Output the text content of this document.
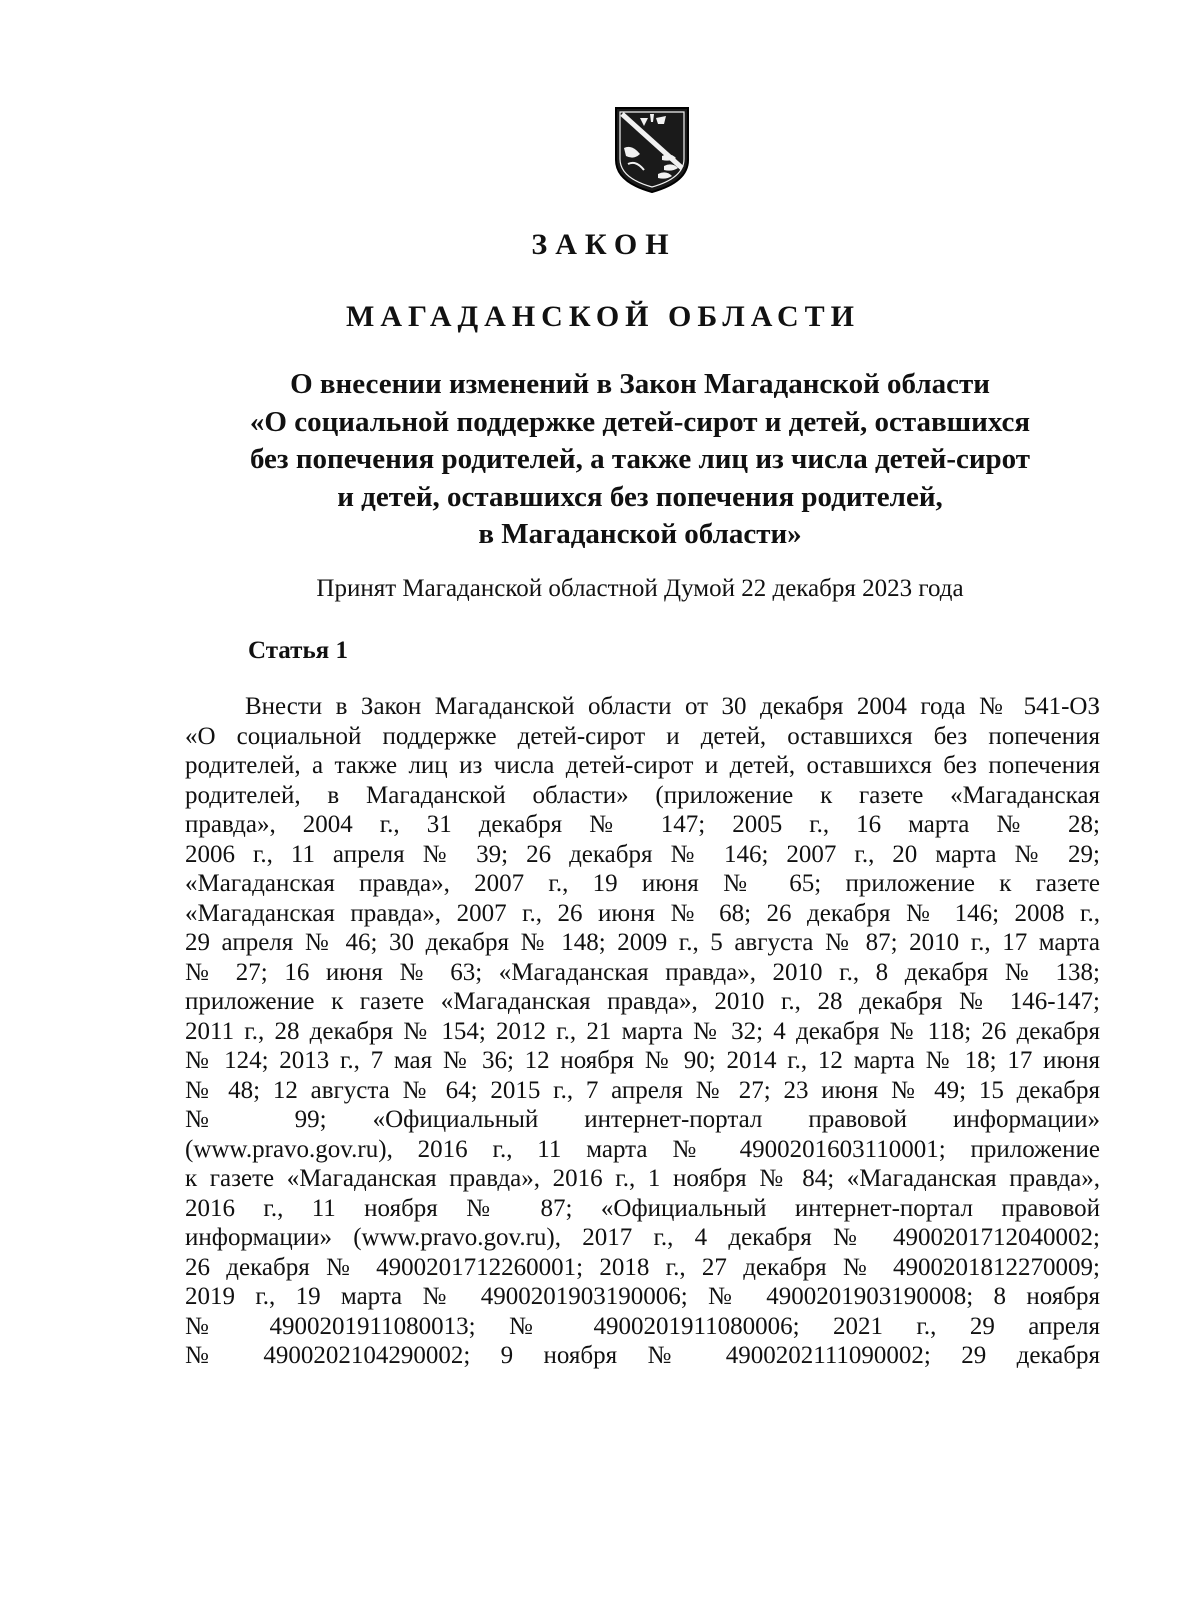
ЗАКОН
МАГАДАНСКОЙ ОБЛАСТИ
О внесении изменений в Закон Магаданской области
«О социальной поддержке детей-сирот и детей, оставшихся
без попечения родителей, а также лиц из числа детей-сирот
и детей, оставшихся без попечения родителей,
в Магаданской области»
Принят Магаданской областной Думой 22 декабря 2023 года
Статья 1
Внести в Закон Магаданской области от 30 декабря 2004 года № 541-ОЗ
«О социальной поддержке детей-сирот и детей, оставшихся без попечения
родителей, а также лиц из числа детей-сирот и детей, оставшихся без попечения
родителей, в Магаданской области» (приложение к газете «Магаданская
правда», 2004 г., 31 декабря № 147; 2005 г., 16 марта № 28;
2006 г., 11 апреля № 39; 26 декабря № 146; 2007 г., 20 марта № 29;
«Магаданская правда», 2007 г., 19 июня № 65; приложение к газете
«Магаданская правда», 2007 г., 26 июня № 68; 26 декабря № 146; 2008 г.,
29 апреля № 46; 30 декабря № 148; 2009 г., 5 августа № 87; 2010 г., 17 марта
№ 27; 16 июня № 63; «Магаданская правда», 2010 г., 8 декабря № 138;
приложение к газете «Магаданская правда», 2010 г., 28 декабря № 146-147;
2011 г., 28 декабря № 154; 2012 г., 21 марта № 32; 4 декабря № 118; 26 декабря
№ 124; 2013 г., 7 мая № 36; 12 ноября № 90; 2014 г., 12 марта № 18; 17 июня
№ 48; 12 августа № 64; 2015 г., 7 апреля № 27; 23 июня № 49; 15 декабря
№ 99; «Официальный интернет-портал правовой информации»
(www.pravo.gov.ru), 2016 г., 11 марта № 4900201603110001; приложение
к газете «Магаданская правда», 2016 г., 1 ноября № 84; «Магаданская правда»,
2016 г., 11 ноября № 87; «Официальный интернет-портал правовой
информации» (www.pravo.gov.ru), 2017 г., 4 декабря № 4900201712040002;
26 декабря № 4900201712260001; 2018 г., 27 декабря № 4900201812270009;
2019 г., 19 марта № 4900201903190006; № 4900201903190008; 8 ноября
№ 4900201911080013; № 4900201911080006; 2021 г., 29 апреля
№ 4900202104290002; 9 ноября № 4900202111090002; 29 декабря
